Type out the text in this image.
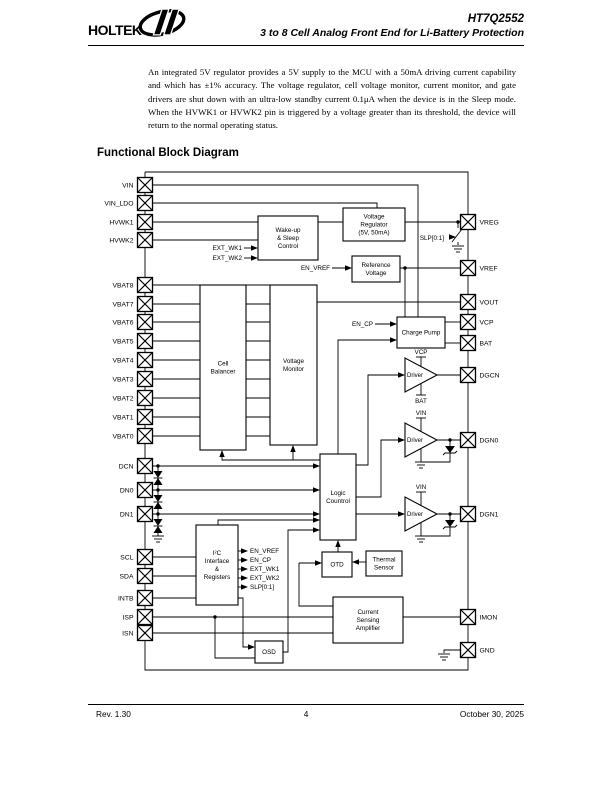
HOLTEK
HT7Q2552
3 to 8 Cell Analog Front End for Li-Battery Protection

An integrated 5V regulator provides a 5V supply to the MCU with a 50mA driving current capability and which has ±1% accuracy. The voltage regulator, cell voltage monitor, current monitor, and gate drivers are shut down with an ultra-low standby current 0.1μA when the device is in the Sleep mode. When the HVWK1 or HVWK2 pin is triggered by a voltage greater than its threshold, the device will return to the normal operating status.

Functional Block Diagram
Wake-up
& Sleep
Control
Voltage
Regulator
(5V, 50mA)
Reference
Voltage
Cell
Balancer
Voltage
Monitor
Charge Pump
Logic
Countrol
I²C
Interface
&
Registers
OTD
Thermal
Sensor
Current
Sensing
Amplifier
OSD
Driver
Driver
Driver
VIN
VIN_LDO
HVWK1
HVWK2
VBAT8
VBAT7
VBAT6
VBAT5
VBAT4
VBAT3
VBAT2
VBAT1
VBAT0
DCN
DN0
DN1
SCL
SDA
INTB
ISP
ISN
VREG
VREF
VOUT
VCP
BAT
DGCN
DGN0
DGN1
IMON
GND
EXT_WK1
EXT_WK2
EN_VREF
EN_CP
SLP[0:1]
VCP
BAT
VIN
VIN
EN_VREF
EN_CP
EXT_WK1
EXT_WK2
SLP[0:1]
Rev. 1.30	4	October 30, 2025
